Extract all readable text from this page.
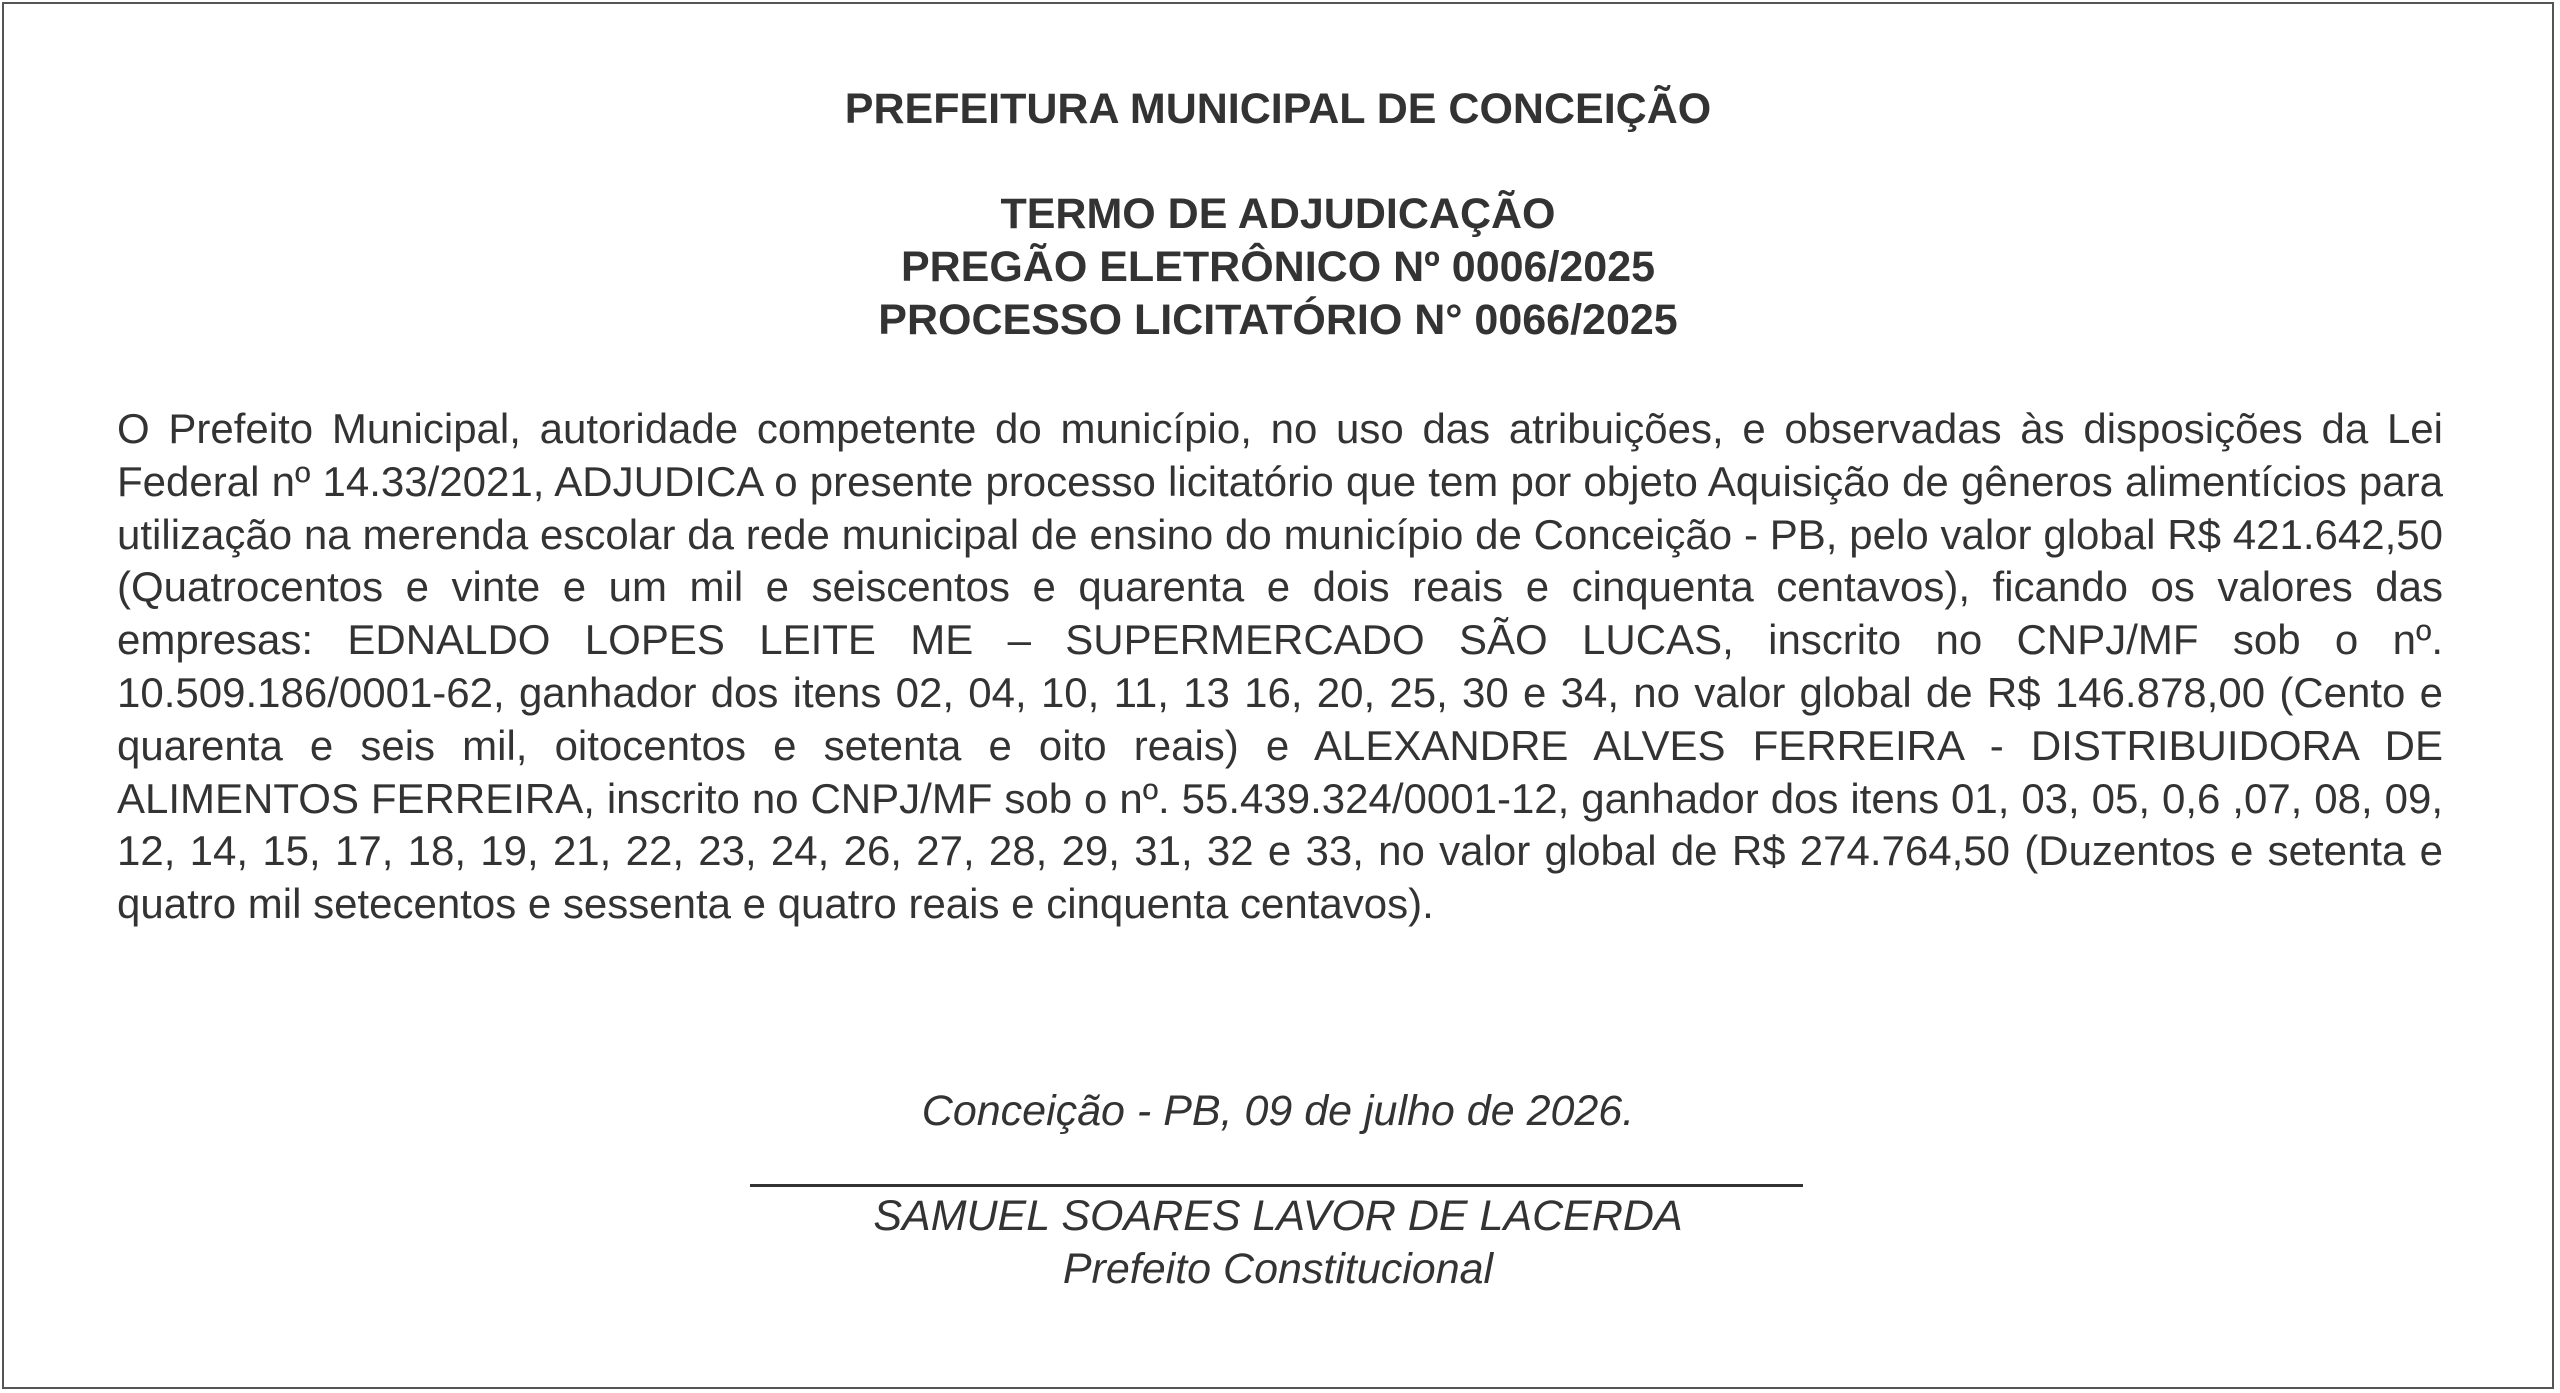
PREFEITURA MUNICIPAL DE CONCEIÇÃO
TERMO DE ADJUDICAÇÃO
PREGÃO ELETRÔNICO Nº 0006/2025
PROCESSO LICITATÓRIO N° 0066/2025
O Prefeito Municipal, autoridade competente do município, no uso das atribuições, e observadas às disposições da Lei Federal nº 14.33/2021, ADJUDICA o presente processo licitatório que tem por objeto Aquisição de gêneros alimentícios para utilização na merenda escolar da rede municipal de ensino do município de Conceição - PB, pelo valor global R$ 421.642,50 (Quatrocentos e vinte e um mil e seiscentos e quarenta e dois reais e cinquenta centavos), ficando os valores das empresas: EDNALDO LOPES LEITE ME – SUPERMERCADO SÃO LUCAS, inscrito no CNPJ/MF sob o nº. 10.509.186/0001-62, ganhador dos itens 02, 04, 10, 11, 13 16, 20, 25, 30 e 34, no valor global de R$ 146.878,00 (Cento e quarenta e seis mil, oitocentos e setenta e oito reais) e ALEXANDRE ALVES FERREIRA - DISTRIBUIDORA DE ALIMENTOS FERREIRA, inscrito no CNPJ/MF sob o nº. 55.439.324/0001-12, ganhador dos itens 01, 03, 05, 0,6 ,07, 08, 09, 12, 14, 15, 17, 18, 19, 21, 22, 23, 24, 26, 27, 28, 29, 31, 32 e 33, no valor global de R$ 274.764,50 (Duzentos e setenta e quatro mil setecentos e sessenta e quatro reais e cinquenta centavos).
Conceição - PB, 09 de julho de 2026.
SAMUEL SOARES LAVOR DE LACERDA
Prefeito Constitucional
